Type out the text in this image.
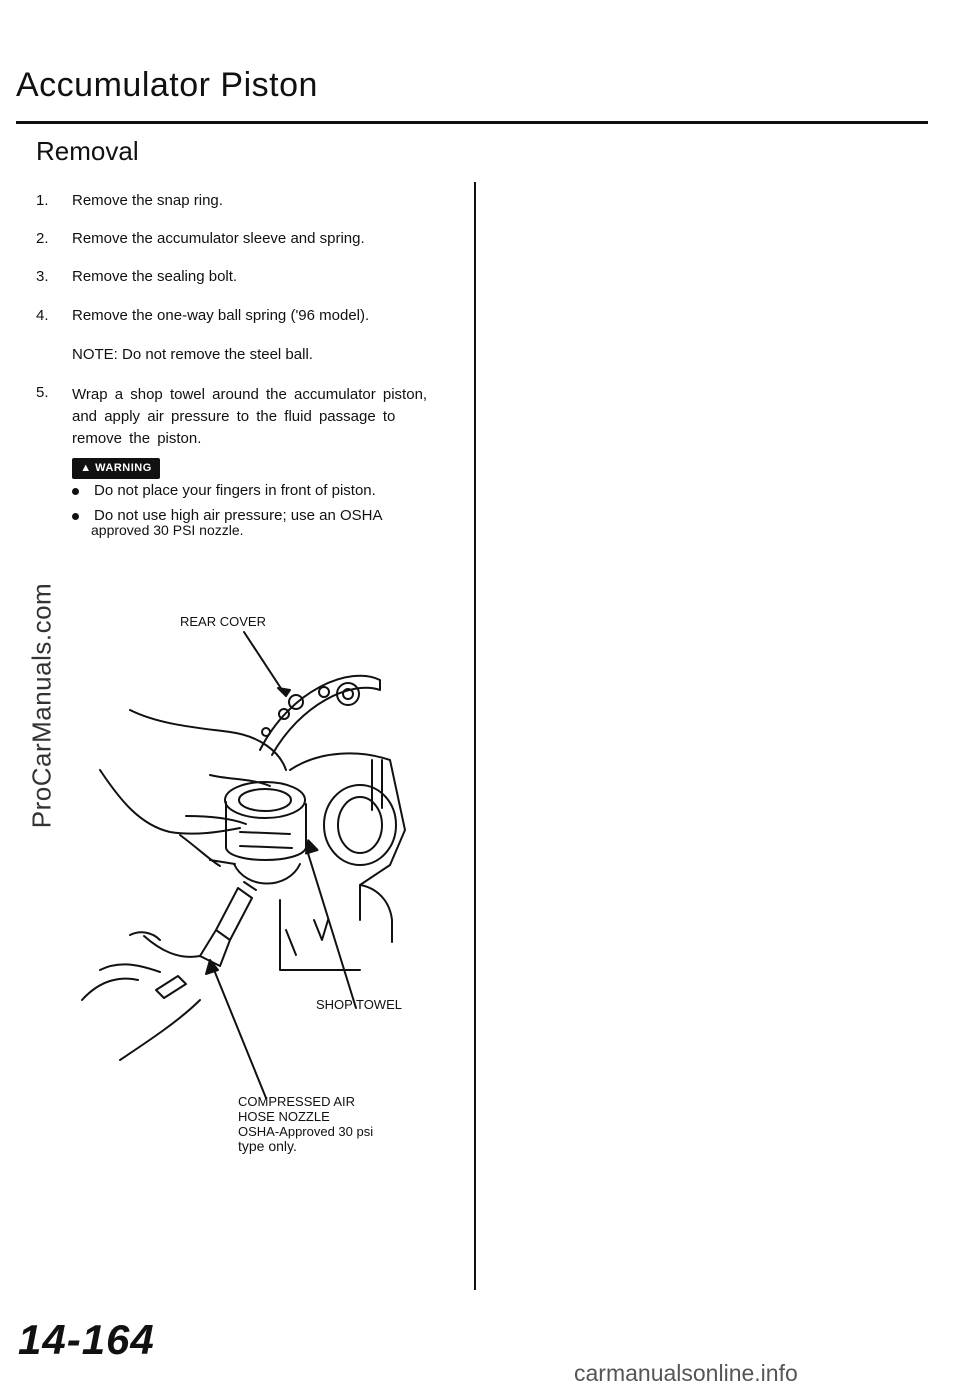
Accumulator Piston
Removal
1. Remove the snap ring.
2. Remove the accumulator sleeve and spring.
3. Remove the sealing bolt.
4. Remove the one-way ball spring ('96 model).
NOTE: Do not remove the steel ball.
5. Wrap a shop towel around the accumulator piston, and apply air pressure to the fluid passage to remove the piston.
▲ WARNING
Do not place your fingers in front of piston.
Do not use high air pressure; use an OSHA
approved 30 PSI nozzle.
REAR COVER
SHOP TOWEL
COMPRESSED AIR
HOSE NOZZLE
OSHA-Approved 30 psi
type only.
ProCarManuals.com
14-164
carmanualsonline.info
